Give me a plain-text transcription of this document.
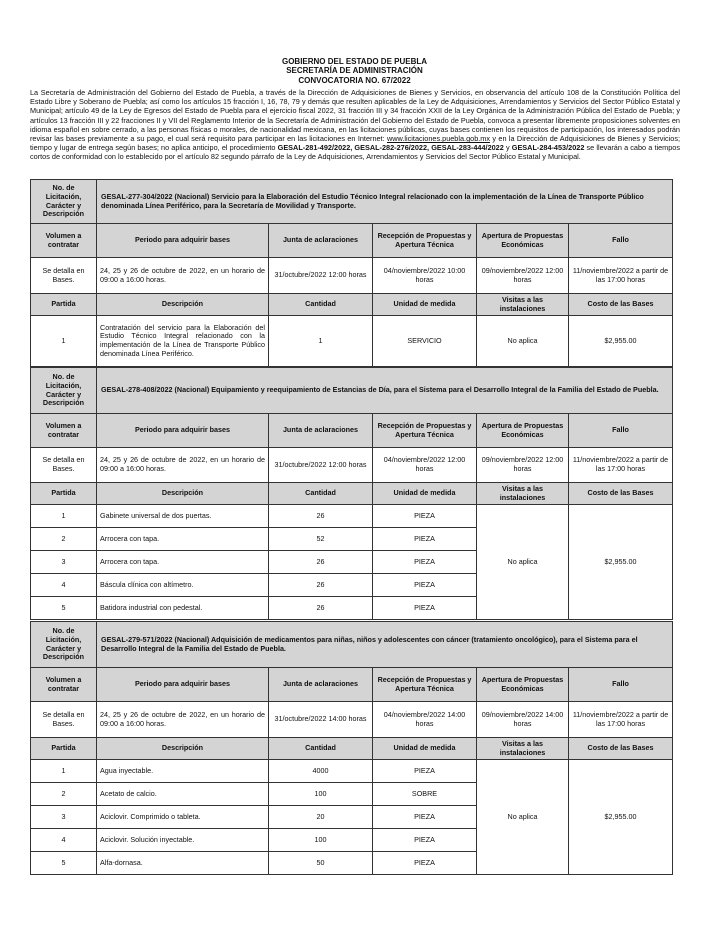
GOBIERNO DEL ESTADO DE PUEBLA
SECRETARÍA DE ADMINISTRACIÓN
CONVOCATORIA NO. 67/2022
La Secretaría de Administración del Gobierno del Estado de Puebla, a través de la Dirección de Adquisiciones de Bienes y Servicios, en observancia del artículo 108 de la Constitución Política del Estado Libre y Soberano de Puebla; así como los artículos 15 fracción I, 16, 78, 79 y demás que resulten aplicables de la Ley de Adquisiciones, Arrendamientos y Servicios del Sector Público Estatal y Municipal; artículo 49 de la Ley de Egresos del Estado de Puebla para el ejercicio fiscal 2022, 31 fracción III y 34 fracción XXII de la Ley Orgánica de la Administración Pública del Estado de Puebla; y artículos 13 fracción III y 22 fracciones II y VII del Reglamento Interior de la Secretaría de Administración del Gobierno del Estado de Puebla, convoca a presentar libremente proposiciones solventes en idioma español en sobre cerrado, a las personas físicas o morales, de nacionalidad mexicana, en las licitaciones públicas, cuyas bases contienen los requisitos de participación, los interesados podrán revisar las bases previamente a su pago, el cual será requisito para participar en las licitaciones en Internet: www.licitaciones.puebla.gob.mx y en la Dirección de Adquisiciones de Bienes y Servicios; tiempo y lugar de entrega según bases; no aplica anticipo, el procedimiento GESAL-281-492/2022, GESAL-282-276/2022, GESAL-283-444/2022 y GESAL-284-453/2022 se llevarán a cabo a tiempos cortos de conformidad con lo establecido por el artículo 82 segundo párrafo de la Ley de Adquisiciones, Arrendamientos y Servicios del Sector Público Estatal y Municipal.
No. de Licitación, Carácter y Descripción	GESAL-277-304/2022 (Nacional) Servicio para la Elaboración del Estudio Técnico Integral relacionado con la implementación de la Línea de Transporte Público denominada Línea Periférico, para la Secretaría de Movilidad y Transporte.				
Volumen a contratar	Periodo para adquirir bases	Junta de aclaraciones	Recepción de Propuestas y Apertura Técnica	Apertura de Propuestas Económicas	Fallo
Se detalla en Bases.	24, 25 y 26 de octubre de 2022, en un horario de 09:00 a 16:00 horas.	31/octubre/2022 12:00 horas	04/noviembre/2022 10:00 horas	09/noviembre/2022 12:00 horas	11/noviembre/2022 a partir de las 17:00 horas
Partida	Descripción	Cantidad	Unidad de medida	Visitas a las instalaciones	Costo de las Bases
1	Contratación del servicio para la Elaboración del Estudio Técnico Integral relacionado con la implementación de la Línea de Transporte Público denominada Línea Periférico.	1	SERVICIO	No aplica	$2,955.00
No. de Licitación, Carácter y Descripción	GESAL-278-408/2022 (Nacional) Equipamiento y reequipamiento de Estancias de Día, para el Sistema para el Desarrollo Integral de la Familia del Estado de Puebla.				
Volumen a contratar	Periodo para adquirir bases	Junta de aclaraciones	Recepción de Propuestas y Apertura Técnica	Apertura de Propuestas Económicas	Fallo
Se detalla en Bases.	24, 25 y 26 de octubre de 2022, en un horario de 09:00 a 16:00 horas.	31/octubre/2022 12:00 horas	04/noviembre/2022 12:00 horas	09/noviembre/2022 12:00 horas	11/noviembre/2022 a partir de las 17:00 horas
Partida	Descripción	Cantidad	Unidad de medida	Visitas a las instalaciones	Costo de las Bases
1	Gabinete universal de dos puertas.	26	PIEZA	No aplica	$2,955.00
2	Arrocera con tapa.	52	PIEZA		
3	Arrocera con tapa.	26	PIEZA		
4	Báscula clínica con altímetro.	26	PIEZA		
5	Batidora industrial con pedestal.	26	PIEZA		
No. de Licitación, Carácter y Descripción	GESAL-279-571/2022 (Nacional) Adquisición de medicamentos para niñas, niños y adolescentes con cáncer (tratamiento oncológico), para el Sistema para el Desarrollo Integral de la Familia del Estado de Puebla.				
Volumen a contratar	Periodo para adquirir bases	Junta de aclaraciones	Recepción de Propuestas y Apertura Técnica	Apertura de Propuestas Económicas	Fallo
Se detalla en Bases.	24, 25 y 26 de octubre de 2022, en un horario de 09:00 a 16:00 horas.	31/octubre/2022 14:00 horas	04/noviembre/2022 14:00 horas	09/noviembre/2022 14:00 horas	11/noviembre/2022 a partir de las 17:00 horas
Partida	Descripción	Cantidad	Unidad de medida	Visitas a las instalaciones	Costo de las Bases
1	Agua inyectable.	4000	PIEZA	No aplica	$2,955.00
2	Acetato de calcio.	100	SOBRE		
3	Aciclovir. Comprimido o tableta.	20	PIEZA		
4	Aciclovir. Solución inyectable.	100	PIEZA		
5	Alfa-dornasa.	50	PIEZA		
